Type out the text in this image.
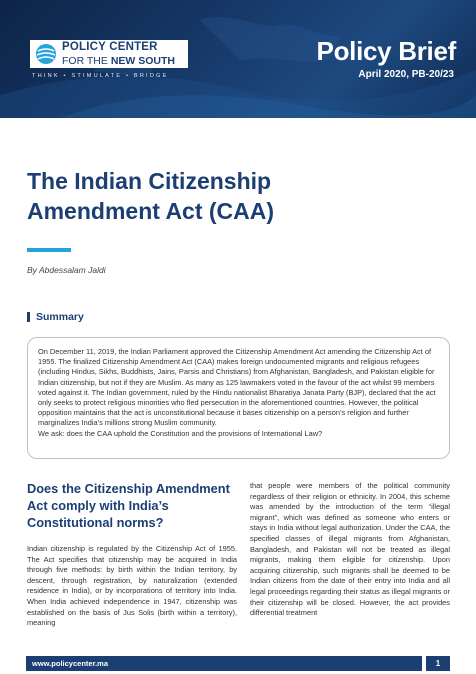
POLICY CENTER
FOR THE NEW SOUTH
THINK • STIMULATE • BRIDGE
Policy Brief
April 2020, PB-20/23
The Indian Citizenship Amendment Act (CAA)
By Abdessalam Jaldi
Summary

On December 11, 2019, the Indian Parliament approved the Citizenship Amendment Act amending the Citizenship Act of 1955. The finalized Citizenship Amendment Act (CAA) makes foreign undocumented migrants and religious refugees (including Hindus, Sikhs, Buddhists, Jains, Parsis and Christians) from Afghanistan, Bangladesh, and Pakistan eligible for Indian citizenship, but not if they are Muslim. As many as 125 lawmakers voted in the favour of the act whilst 99 members voted against it. The Indian government, ruled by the Hindu nationalist Bharatiya Janata Party (BJP), declared that the act only seeks to protect religious minorities who fled persecution in the aforementioned countries. However, the political opposition maintains that the act is unconstitutional because it bases citizenship on a person’s religion and further marginalizes India’s millions strong Muslim community.

We ask: does the CAA uphold the Constitution and the provisions of International Law?

Does the Citizenship Amendment Act comply with India’s Constitutional norms?
Indian citizenship is regulated by the Citizenship Act of 1955. The Act specifies that citizenship may be acquired in India through five methods: by birth within the Indian territory, by descent, through registration, by naturalization (extended residence in India), or by incorporations of territory into India. When India achieved independence in 1947, citizenship was established on the basis of Jus Solis (birth within a territory), meaning
that people were members of the political community regardless of their religion or ethnicity. In 2004, this scheme was amended by the introduction of the term “illegal migrant”, which was defined as someone who enters or stays in India without legal authorization. Under the CAA, the specified classes of illegal migrants from Afghanistan, Bangladesh, and Pakistan will not be treated as illegal migrants, making them eligible for citizenship. Upon acquiring citizenship, such migrants shall be deemed to be Indian citizens from the date of their entry into India and all legal proceedings regarding their status as illegal migrants or their citizenship will be closed. However, the act provides differential treatment
www.policycenter.ma	1
